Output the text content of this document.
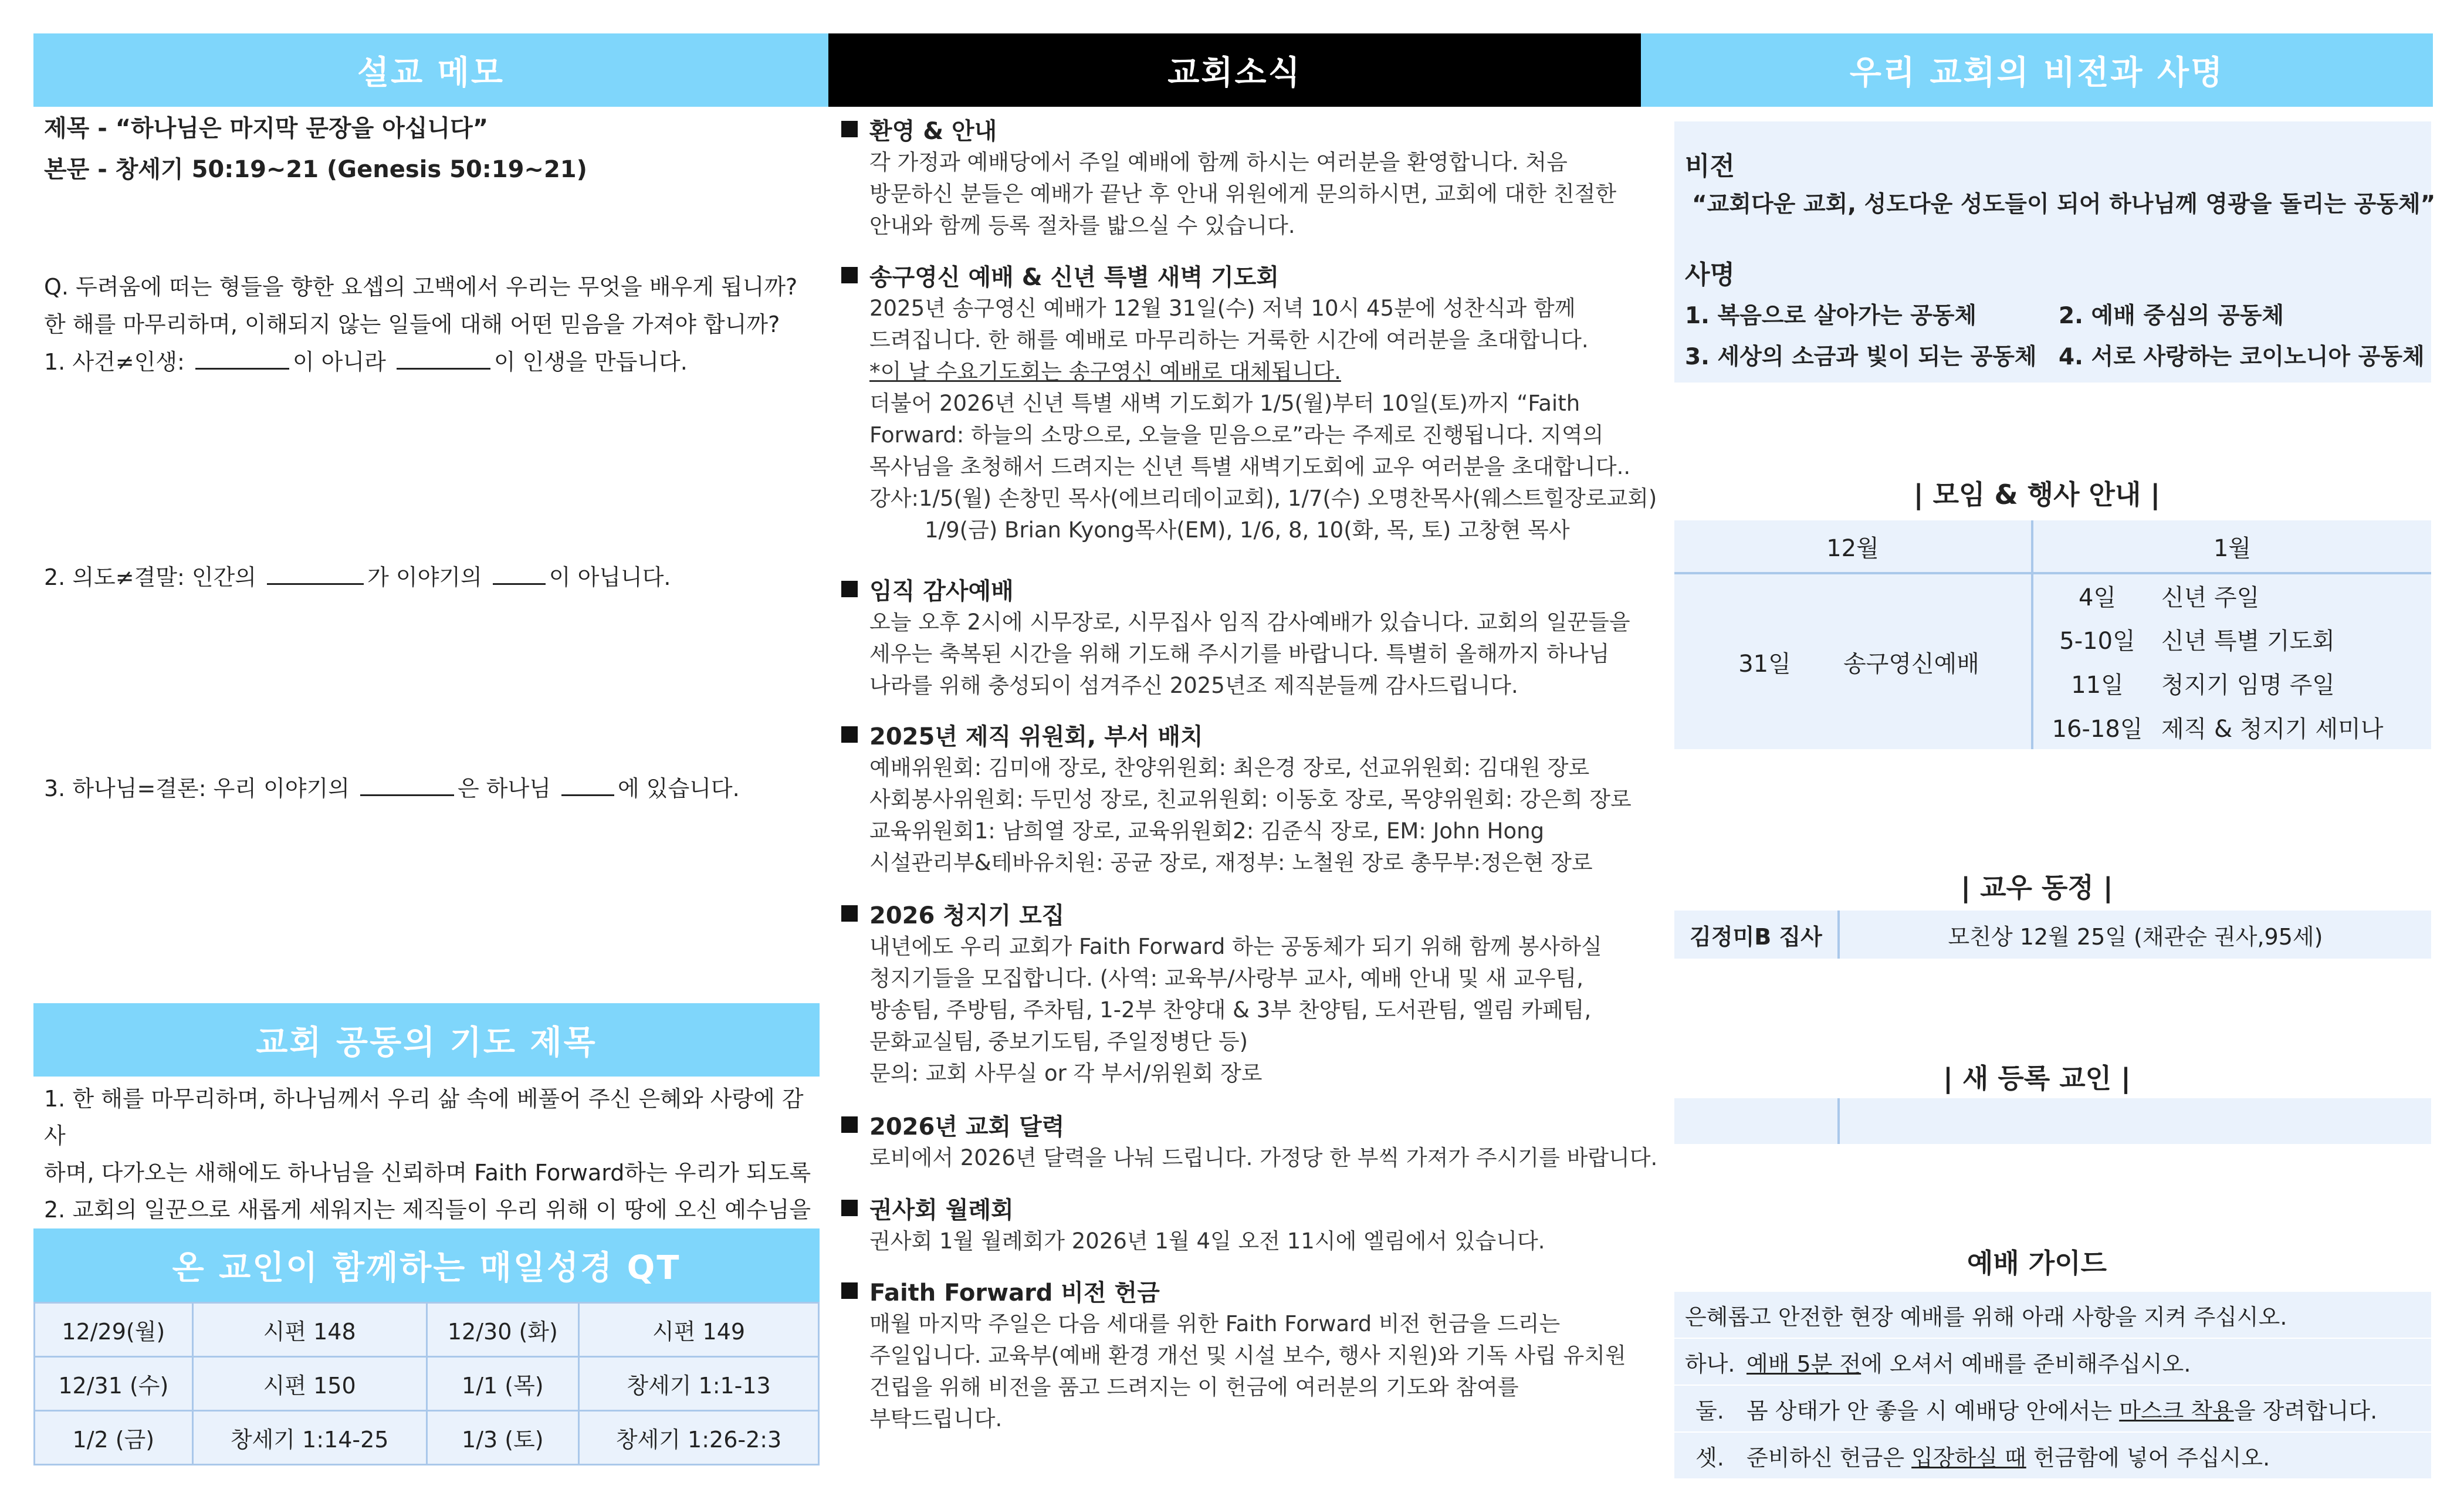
설교 메모
제목 - “하나님은 마지막 문장을 아십니다”
본문 - 창세기 50:19~21 (Genesis 50:19~21)
Q. 두려움에 떠는 형들을 향한 요셉의 고백에서 우리는 무엇을 배우게 됩니까?
한 해를 마무리하며, 이해되지 않는 일들에 대해 어떤 믿음을 가져야 합니까?
1. 사건≠인생:	이 아니라	이 인생을 만듭니다.
2. 의도≠결말: 인간의	가 이야기의	이 아닙니다.
3. 하나님=결론: 우리 이야기의	은 하나님	에 있습니다.
교회 공동의 기도 제목
1. 한 해를 마무리하며, 하나님께서 우리 삶 속에 베풀어 주신 은혜와 사랑에 감사
하며, 다가오는 새해에도 하나님을 신뢰하며 Faith Forward하는 우리가 되도록
2. 교회의 일꾼으로 새롭게 세워지는 제직들이 우리 위해 이 땅에 오신 예수님을
온 교인이 함께하는 매일성경 QT
12/29(월)	시편 148	12/30 (화)	시편 149
12/31 (수)	시편 150	1/1 (목)	창세기 1:1-13
1/2 (금)	창세기 1:14-25	1/3 (토)	창세기 1:26-2:3
교회소식
환영 & 안내
각 가정과 예배당에서 주일 예배에 함께 하시는 여러분을 환영합니다. 처음
방문하신 분들은 예배가 끝난 후 안내 위원에게 문의하시면, 교회에 대한 친절한
안내와 함께 등록 절차를 밟으실 수 있습니다.
송구영신 예배 & 신년 특별 새벽 기도회
2025년 송구영신 예배가 12월 31일(수) 저녁 10시 45분에 성찬식과 함께
드려집니다. 한 해를 예배로 마무리하는 거룩한 시간에 여러분을 초대합니다.
*이 날 수요기도회는 송구영신 예배로 대체됩니다.
더불어 2026년 신년 특별 새벽 기도회가 1/5(월)부터 10일(토)까지 “Faith
Forward: 하늘의 소망으로, 오늘을 믿음으로”라는 주제로 진행됩니다. 지역의
목사님을 초청해서 드려지는 신년 특별 새벽기도회에 교우 여러분을 초대합니다..
강사:1/5(월) 손창민 목사(에브리데이교회), 1/7(수) 오명찬목사(웨스트힐장로교회)
1/9(금) Brian Kyong목사(EM), 1/6, 8, 10(화, 목, 토) 고창현 목사
임직 감사예배
오늘 오후 2시에 시무장로, 시무집사 임직 감사예배가 있습니다. 교회의 일꾼들을
세우는 축복된 시간을 위해 기도해 주시기를 바랍니다. 특별히 올해까지 하나님
나라를 위해 충성되이 섬겨주신 2025년조 제직분들께 감사드립니다.
2025년 제직 위원회, 부서 배치
예배위원회: 김미애 장로, 찬양위원회: 최은경 장로, 선교위원회: 김대원 장로
사회봉사위원회: 두민성 장로, 친교위원회: 이동호 장로, 목양위원회: 강은희 장로
교육위원회1: 남희열 장로, 교육위원회2: 김준식 장로, EM: John Hong
시설관리부&테바유치원: 공균 장로, 재정부: 노철원 장로 총무부:정은현 장로
2026 청지기 모집
내년에도 우리 교회가 Faith Forward 하는 공동체가 되기 위해 함께 봉사하실
청지기들을 모집합니다. (사역: 교육부/사랑부 교사, 예배 안내 및 새 교우팀,
방송팀, 주방팀, 주차팀, 1-2부 찬양대 & 3부 찬양팀, 도서관팀, 엘림 카페팀,
문화교실팀, 중보기도팀, 주일정병단 등)
문의: 교회 사무실 or 각 부서/위원회 장로
2026년 교회 달력
로비에서 2026년 달력을 나눠 드립니다. 가정당 한 부씩 가져가 주시기를 바랍니다.
권사회 월례회
권사회 1월 월례회가 2026년 1월 4일 오전 11시에 엘림에서 있습니다.
Faith Forward 비전 헌금
매월 마지막 주일은 다음 세대를 위한 Faith Forward 비전 헌금을 드리는
주일입니다. 교육부(예배 환경 개선 및 시설 보수, 행사 지원)와 기독 사립 유치원
건립을 위해 비전을 품고 드려지는 이 헌금에 여러분의 기도와 참여를
부탁드립니다.
우리 교회의 비전과 사명
비전
“교회다운 교회, 성도다운 성도들이 되어 하나님께 영광을 돌리는 공동체”
사명
1. 복음으로 살아가는 공동체	2. 예배 중심의 공동체
3. 세상의 소금과 빛이 되는 공동체 4. 서로 사랑하는 코이노니아 공동체
| 모임 & 행사 안내 |
12월	1월	
31일 송구영신예배	4일	신년 주일
	5-10일	신년 특별 기도회
	11일	청지기 임명 주일
	16-18일	제직 & 청지기 세미나
| 교우 동정 |
김정미B 집사	모친상 12월 25일 (채관순 권사,95세)
| 새 등록 교인 |

예배 가이드
은혜롭고 안전한 현장 예배를 위해 아래 사항을 지켜 주십시오.
하나. 예배 5분 전 에 오셔서 예배를 준비해주십시오.
둘.	몸 상태가 안 좋을 시 예배당 안에서는 마스크 착용 을 장려합니다.
셋.	준비하신 헌금은 입장하실 때 헌금함에 넣어 주십시오.
